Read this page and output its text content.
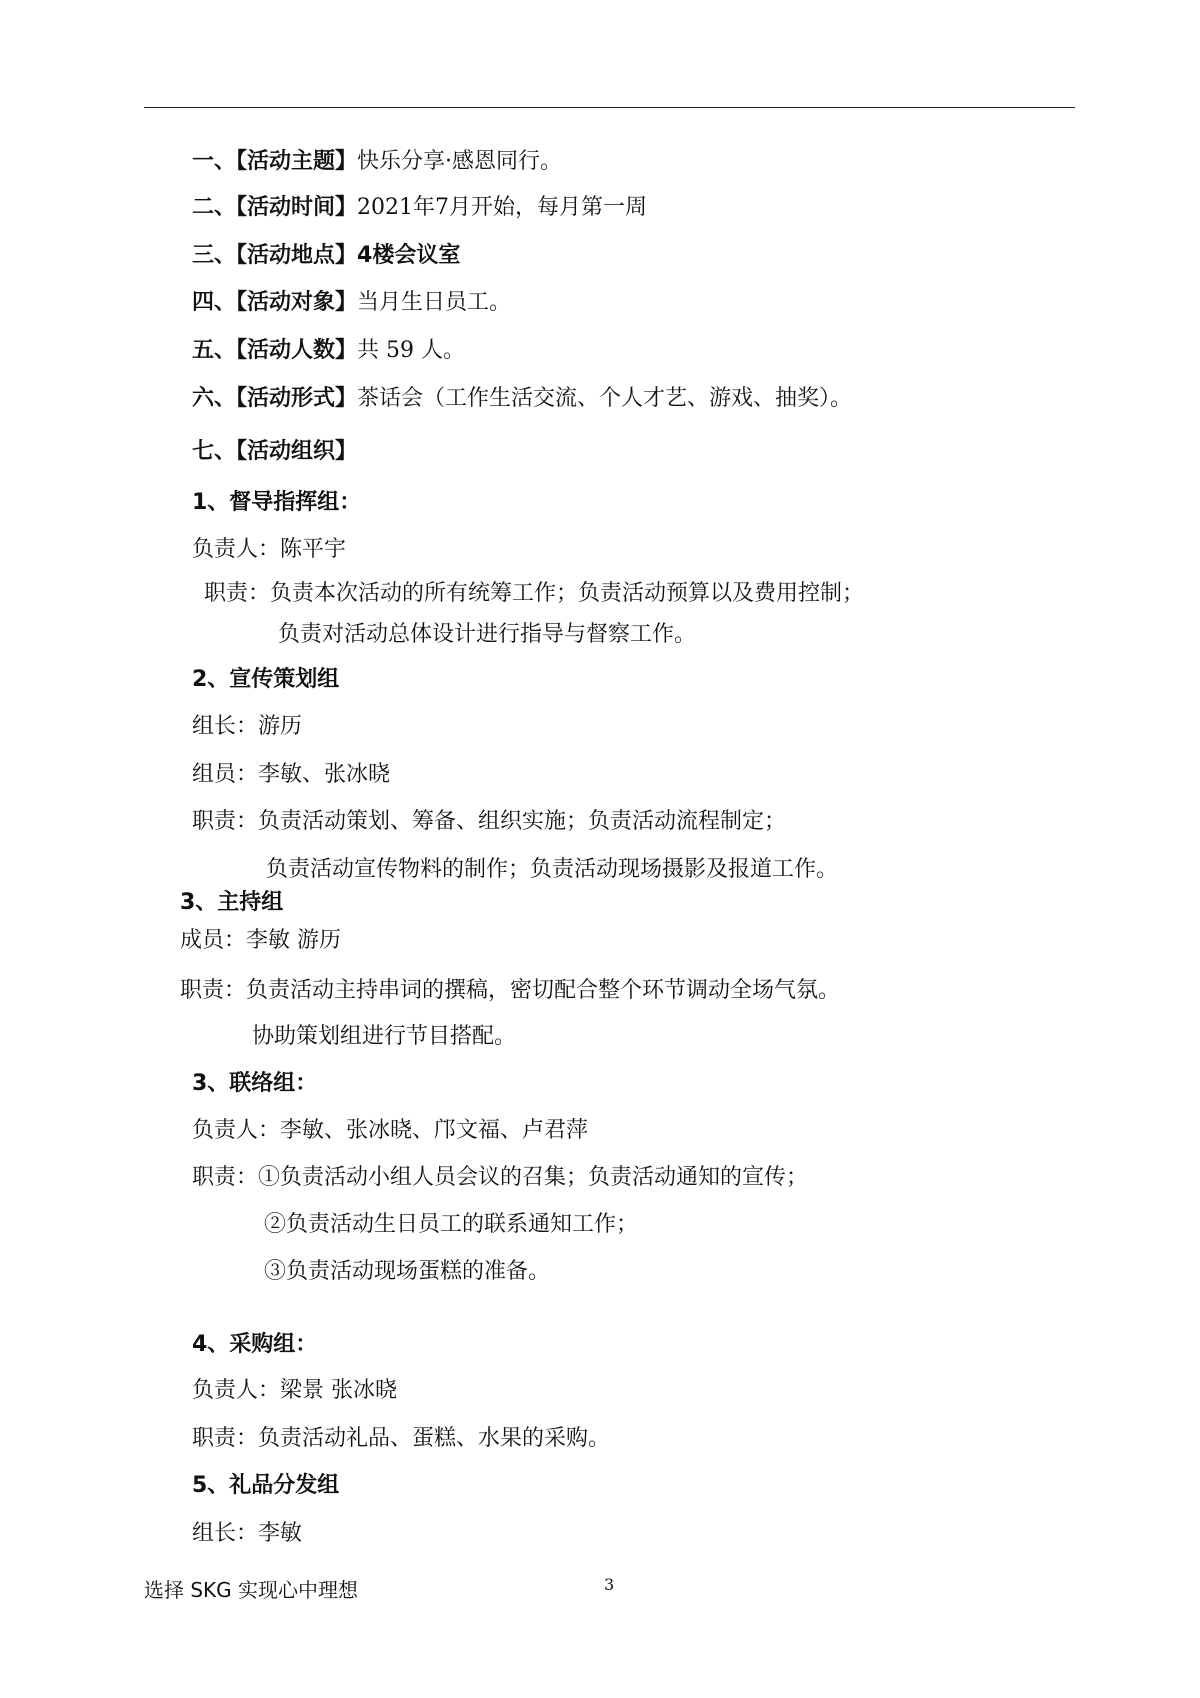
一、【活动主题】快乐分享·感恩同行。
二、【活动时间】2021年7月开始，每月第一周
三、【活动地点】4楼会议室
四、【活动对象】当月生日员工。
五、【活动人数】共 59 人。
六、【活动形式】茶话会（工作生活交流、个人才艺、游戏、抽奖）。
七、【活动组织】
1、督导指挥组：
负责人：陈平宇
职责：负责本次活动的所有统筹工作；负责活动预算以及费用控制；
负责对活动总体设计进行指导与督察工作。
2、宣传策划组
组长：游历
组员：李敏、张冰晓
职责：负责活动策划、筹备、组织实施；负责活动流程制定；
负责活动宣传物料的制作；负责活动现场摄影及报道工作。
3、主持组
成员：李敏 游历
职责：负责活动主持串词的撰稿，密切配合整个环节调动全场气氛。
协助策划组进行节目搭配。
3、联络组：
负责人：李敏、张冰晓、邝文福、卢君萍
职责：①负责活动小组人员会议的召集；负责活动通知的宣传；
②负责活动生日员工的联系通知工作；
③负责活动现场蛋糕的准备。
4、采购组：
负责人：梁景 张冰晓
职责：负责活动礼品、蛋糕、水果的采购。
5、礼品分发组
组长：李敏
选择 SKG 实现心中理想	3
